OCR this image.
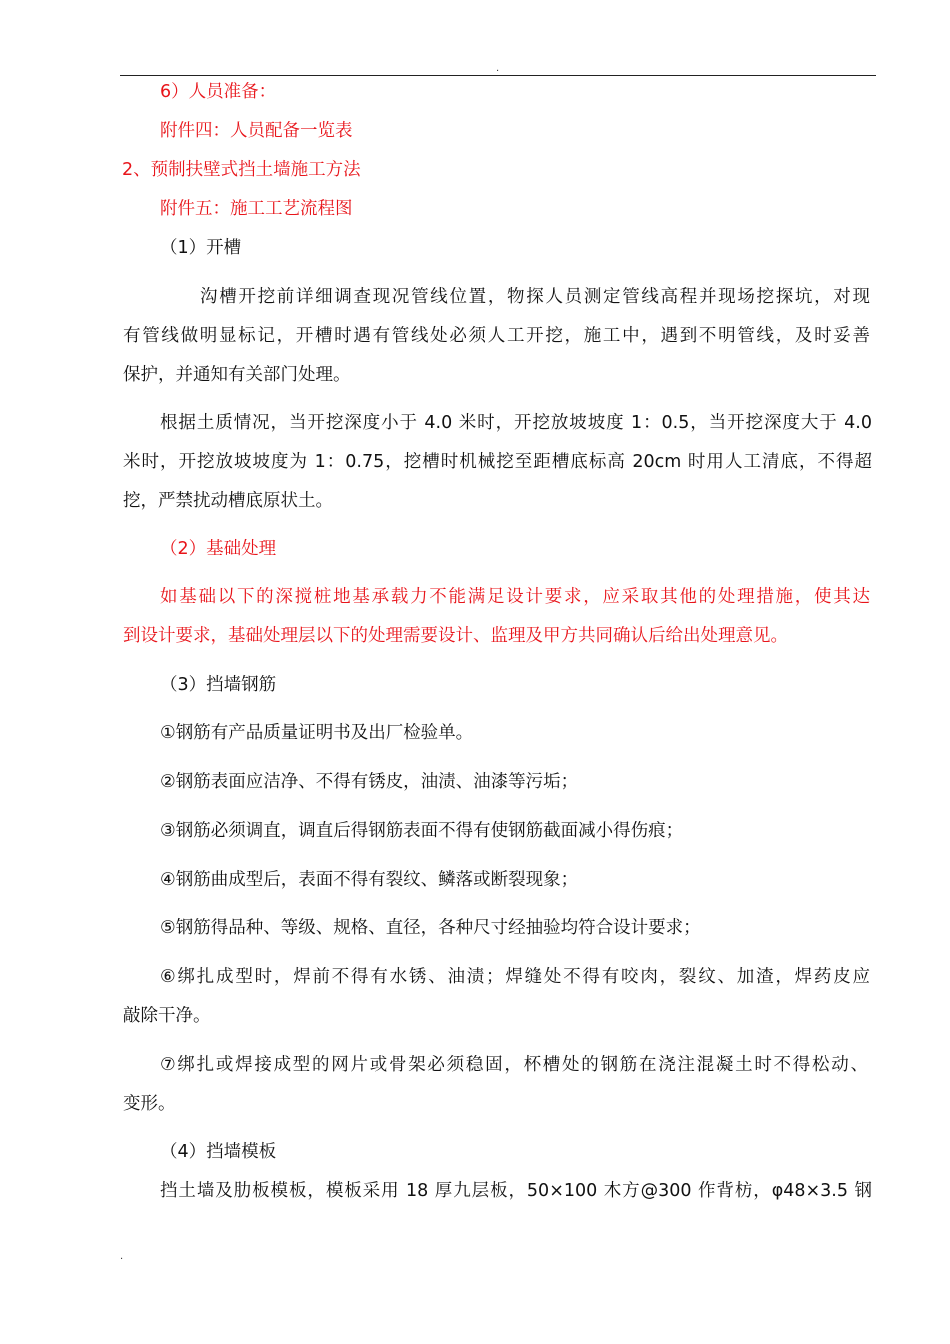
.
6）人员准备：
附件四：人员配备一览表
2、预制扶壁式挡土墙施工方法
附件五：施工工艺流程图
（1）开槽
沟槽开挖前详细调查现况管线位置，物探人员测定管线高程并现场挖探坑，对现
有管线做明显标记，开槽时遇有管线处必须人工开挖，施工中，遇到不明管线，及时妥善
保护，并通知有关部门处理。
根据土质情况，当开挖深度小于 4.0 米时，开挖放坡坡度 1：0.5，当开挖深度大于 4.0
米时，开挖放坡坡度为 1：0.75，挖槽时机械挖至距槽底标高 20cm 时用人工清底，不得超
挖，严禁扰动槽底原状土。
（2）基础处理
如基础以下的深搅桩地基承载力不能满足设计要求，应采取其他的处理措施，使其达
到设计要求，基础处理层以下的处理需要设计、监理及甲方共同确认后给出处理意见。
（3）挡墙钢筋
①钢筋有产品质量证明书及出厂检验单。
②钢筋表面应洁净、不得有锈皮，油渍、油漆等污垢；
③钢筋必须调直，调直后得钢筋表面不得有使钢筋截面减小得伤痕；
④钢筋曲成型后，表面不得有裂纹、鳞落或断裂现象；
⑤钢筋得品种、等级、规格、直径，各种尺寸经抽验均符合设计要求；
⑥绑扎成型时，焊前不得有水锈、油渍；焊缝处不得有咬肉，裂纹、加渣，焊药皮应
敲除干净。
⑦绑扎或焊接成型的网片或骨架必须稳固，杯槽处的钢筋在浇注混凝土时不得松动、
变形。
（4）挡墙模板
挡土墙及肋板模板，模板采用 18 厚九层板，50×100 木方@300 作背枋，φ48×3.5 钢
.
